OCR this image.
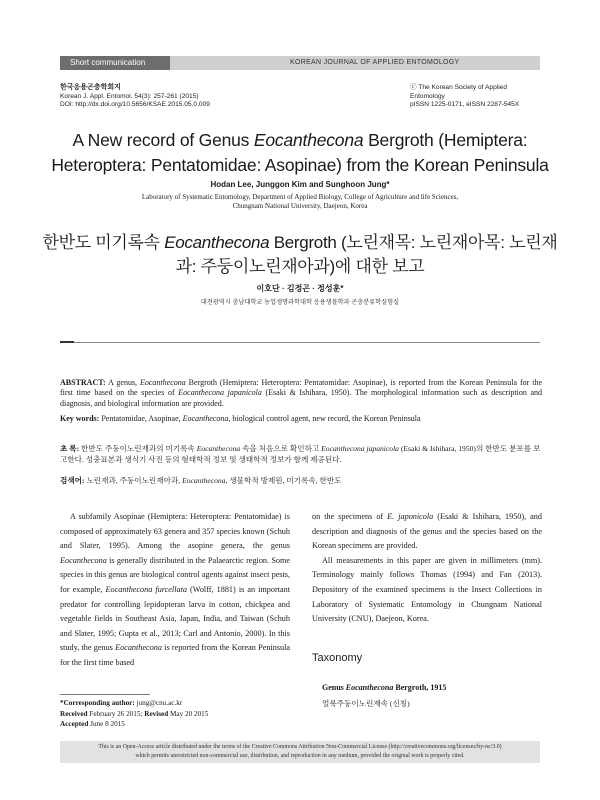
Short communication	KOREAN JOURNAL OF APPLIED ENTOMOLOGY
한국응용곤충학회지
Korean J. Appl. Entomol. 54(3): 257-261 (2015)
DOI: http://dx.doi.org/10.5656/KSAE.2015.05.0.009
ⓒ The Korean Society of Applied Entomology
pISSN 1225-0171, eISSN 2287-545X
A New record of Genus Eocanthecona Bergroth (Hemiptera: Heteroptera: Pentatomidae: Asopinae) from the Korean Peninsula
Hodan Lee, Junggon Kim and Sunghoon Jung*
Laboratory of Systematic Entomology, Department of Applied Biology, College of Agriculture and life Sciences,
Chungnam National University, Daejeon, Korea
한반도 미기록속 Eocanthecona Bergroth (노린재목: 노린재아목: 노린재과: 주둥이노린재아과)에 대한 보고
이호단 · 김정곤 · 정성훈*
대전광역시 충남대학교 농업생명과학대학 응용생물학과 곤충분류학실험실
ABSTRACT: A genus, Eocanthecona Bergroth (Hemiptera: Heteroptera: Pentatomidae: Asopinae), is reported from the Korean Peninsula for the first time based on the species of Eocanthecona japanicola (Esaki & Ishihara, 1950). The morphological information such as description and diagnosis, and biological information are provided.
Key words: Pentatomidae, Asopinae, Eocanthecona, biological control agent, new record, the Korean Peninsula
초 록: 한반도 주둥이노린재과의 미기록속 Eocanthecona 속을 처음으로 확인하고 Eocanthecona japanicola (Esaki & Ishihara, 1950)의 한반도 분포를 보고한다. 성충표본과 생식기 사진 등의 형태학적 정보 및 생태학적 정보가 함께 제공된다.
검색어: 노린재과, 주둥이노린재아과, Eocanthecona, 생물학적 방제원, 미기록속, 한반도

A subfamily Asopinae (Hemiptera: Heteroptera: Pentatomidae) is composed of approximately 63 genera and 357 species known (Schuh and Slater, 1995). Among the asopine genera, the genus Eocanthecona is generally distributed in the Palaearctic region. Some species in this genus are biological control agents against insect pests, for example, Eocanthecona furcellata (Wolff, 1881) is an important predator for controlling lepidopteran larva in cotton, chickpea and vegetable fields in Southeast Asia, Japan, India, and Taiwan (Schuh and Slater, 1995; Gupta et al., 2013; Carl and Antonio, 2000). In this study, the genus Eocanthecona is reported from the Korean Peninsula for the first time based

on the specimens of E. japonicola (Esaki & Ishihara, 1950), and description and diagnosis of the genus and the species based on the Korean specimens are provided.

All measurements in this paper are given in millimeters (mm). Terminology mainly follows Thomas (1994) and Fan (2013). Depository of the examined specimens is the Insect Collections in Laboratory of Systematic Entomology in Chungnam National University (CNU), Daejeon, Korea.

Taxonomy
Genus Eocanthecona Bergroth, 1915
얼룩주둥이노린재속 (신칭)
*Corresponding author: jung@cnu.ac.kr
Received February 26 2015; Revised May 20 2015
Accepted June 8 2015
This is an Open-Access article distributed under the terms of the Creative Commons Attribution Non-Commercial License (http://creativecommons.org/licenses/by-nc/3.0)
which permits unrestricted non-commercial use, distribution, and reproduction in any medium, provided the original work is properly cited.
